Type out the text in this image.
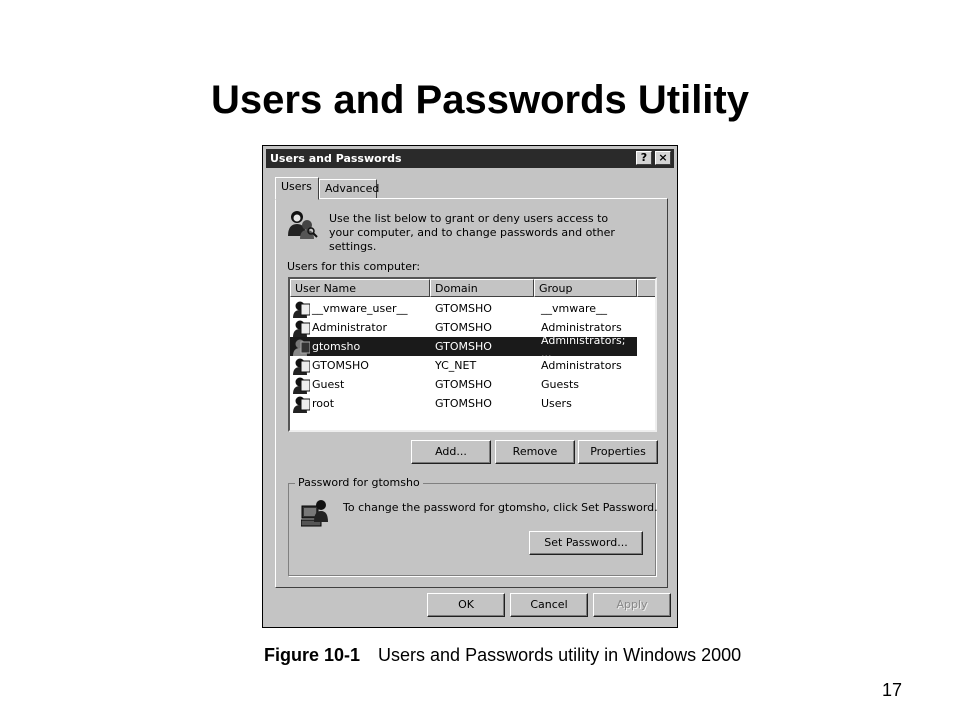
Users and Passwords Utility
Users and Passwords	?	×
Users	Advanced
Use the list below to grant or deny users access to your computer, and to change passwords and other settings.
Users for this computer:
User Name	Domain	Group
__vmware_user__	GTOMSHO	__vmware__
Administrator	GTOMSHO	Administrators
gtomsho	GTOMSHO	Administrators; ...
GTOMSHO	YC_NET	Administrators
Guest	GTOMSHO	Guests
root	GTOMSHO	Users
Add...	Remove	Properties
Password for gtomsho
To change the password for gtomsho, click Set Password.
Set Password...
OK	Cancel	Apply
Figure 10-1 Users and Passwords utility in Windows 2000
17
